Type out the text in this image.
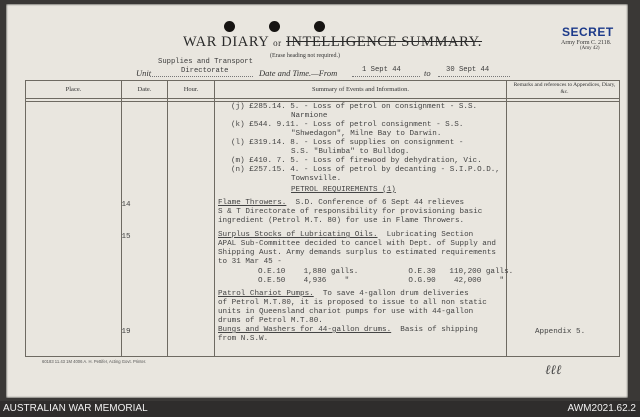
WAR DIARY or INTELLIGENCE SUMMARY.
(Erase heading not required.)
SECRET
Army Form C. 2118.
(Amy 42)
Unit
Supplies and Transport
Directorate	Date and Time.—From	1 Sept 44	to 30 Sept 44
Place.	Date.	Hour.	Summary of Events and Information.
Remarks and references to Appendices, Diary, &c.
(j) £285.14. 5. - Loss of petrol on consignment - S.S.
Narmione
(k) £544. 9.11. - Loss of petrol consignment - S.S.
"Shwedagon", Milne Bay to Darwin.
(l) £319.14. 8. - Loss of supplies on consignment -
S.S. "Bulimba" to Bulldog.
(m) £410. 7. 5. - Loss of firewood by dehydration, Vic.
(n) £257.15. 4. - Loss of petrol by decanting - S.I.P.O.D.,
Townsville.
PETROL REQUIREMENTS (1)
14	Flame Throwers.  S.D. Conference of 6 Sept 44 relieves
S & T Directorate of responsibility for provisioning basic
ingredient (Petrol M.T. 80) for use in Flame Throwers.
15	Surplus Stocks of Lubricating Oils.  Lubricating Section
APAL Sub-Committee decided to cancel with Dept. of Supply and
Shipping Aust. Army demands surplus to estimated requirements
to 31 Mar 45 -
O.E.10    1,880 galls.           O.E.30   110,200 galls.
O.E.50    4,936    "             O.G.90    42,000    "
Patrol Chariot Pumps.  To save 4-gallon drum deliveries
of Petrol M.T.80, it is proposed to issue to all non static
units in Queensland chariot pumps for use with 44-gallon
drums of Petrol M.T.80.
19	Bungs and Washers for 44-gallon drums.  Basis of shipping
from N.S.W.
Appendix 5.
60183 11.43 1M 4006 A. H. Pettifer, Acting Govt. Printer.
ℓℓℓ
AUSTRALIAN WAR MEMORIAL	AWM2021.62.2
